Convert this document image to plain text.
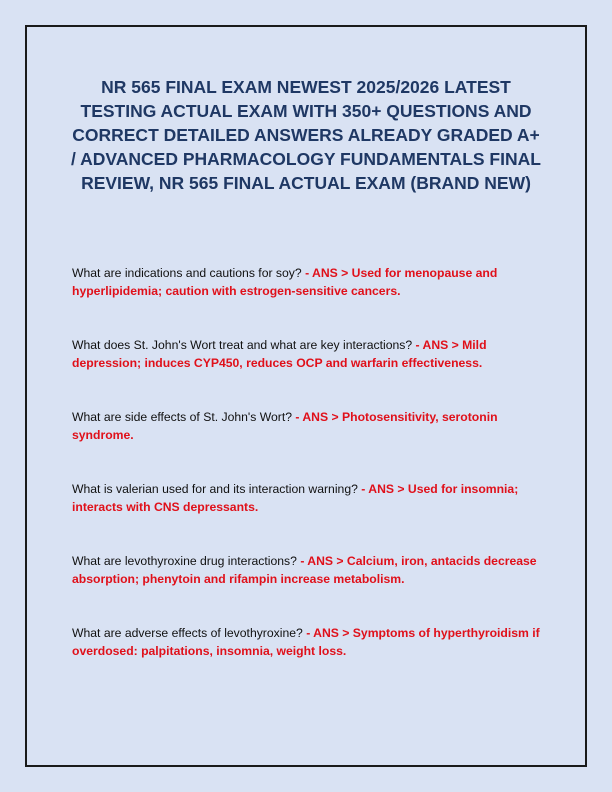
NR 565 FINAL EXAM NEWEST 2025/2026 LATEST TESTING ACTUAL EXAM WITH 350+ QUESTIONS AND CORRECT DETAILED ANSWERS ALREADY GRADED A+ / ADVANCED PHARMACOLOGY FUNDAMENTALS FINAL REVIEW, NR 565 FINAL ACTUAL EXAM (BRAND NEW)

What are indications and cautions for soy? - ANS > Used for menopause and hyperlipidemia; caution with estrogen-sensitive cancers.

What does St. John's Wort treat and what are key interactions? - ANS > Mild depression; induces CYP450, reduces OCP and warfarin effectiveness.

What are side effects of St. John's Wort? - ANS > Photosensitivity, serotonin syndrome.

What is valerian used for and its interaction warning? - ANS > Used for insomnia; interacts with CNS depressants.

What are levothyroxine drug interactions? - ANS > Calcium, iron, antacids decrease absorption; phenytoin and rifampin increase metabolism.

What are adverse effects of levothyroxine? - ANS > Symptoms of hyperthyroidism if overdosed: palpitations, insomnia, weight loss.
